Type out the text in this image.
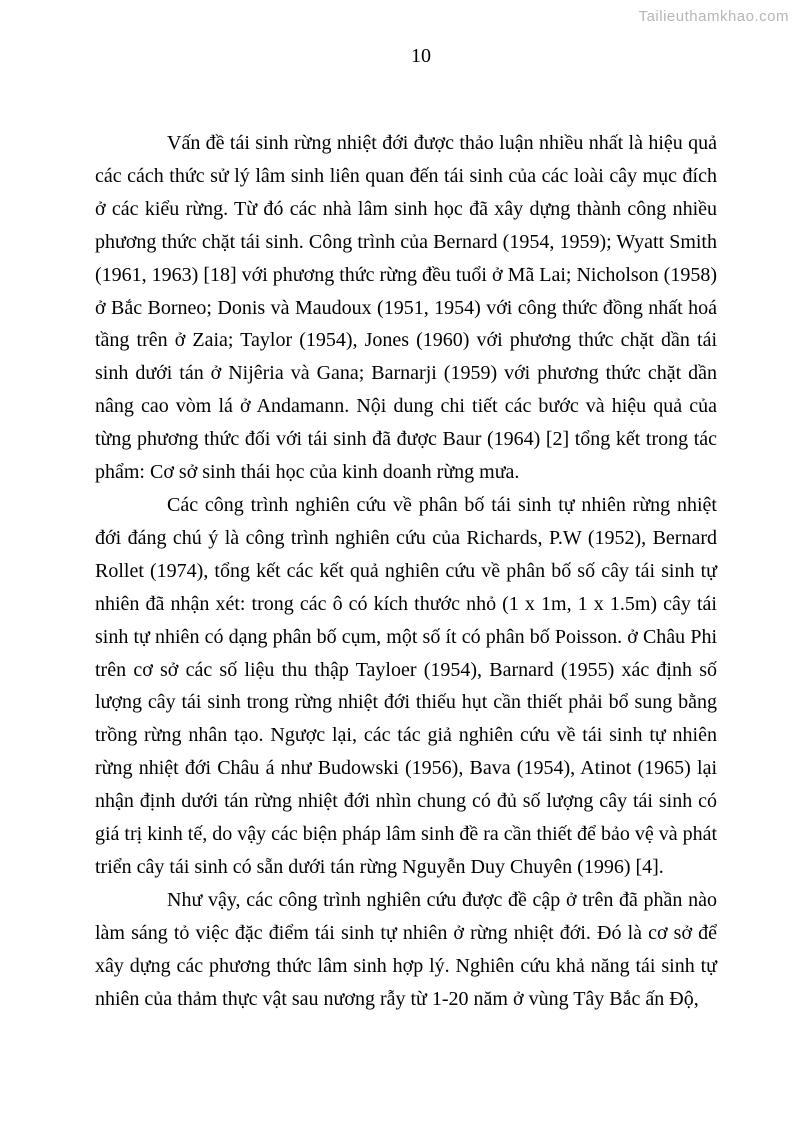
Tailieuthamkhao.com
10

Vấn đề tái sinh rừng nhiệt đới được thảo luận nhiều nhất là hiệu quả các cách thức sử lý lâm sinh liên quan đến tái sinh của các loài cây mục đích ở các kiểu rừng. Từ đó các nhà lâm sinh học đã xây dựng thành công nhiều phương thức chặt tái sinh. Công trình của Bernard (1954, 1959); Wyatt Smith (1961, 1963) [18] với phương thức rừng đều tuổi ở Mã Lai; Nicholson (1958) ở Bắc Borneo; Donis và Maudoux (1951, 1954) với công thức đồng nhất hoá tầng trên ở Zaia; Taylor (1954), Jones (1960) với phương thức chặt dần tái sinh dưới tán ở Nijêria và Gana; Barnarji (1959) với phương thức chặt dần nâng cao vòm lá ở Andamann. Nội dung chi tiết các bước và hiệu quả của từng phương thức đối với tái sinh đã được Baur (1964) [2] tổng kết trong tác phẩm: Cơ sở sinh thái học của kinh doanh rừng mưa.

Các công trình nghiên cứu về phân bố tái sinh tự nhiên rừng nhiệt đới đáng chú ý là công trình nghiên cứu của Richards, P.W (1952), Bernard Rollet (1974), tổng kết các kết quả nghiên cứu về phân bố số cây tái sinh tự nhiên đã nhận xét: trong các ô có kích thước nhỏ (1 x 1m, 1 x 1.5m) cây tái sinh tự nhiên có dạng phân bố cụm, một số ít có phân bố Poisson. ở Châu Phi trên cơ sở các số liệu thu thập Tayloer (1954), Barnard (1955) xác định số lượng cây tái sinh trong rừng nhiệt đới thiếu hụt cần thiết phải bổ sung bằng trồng rừng nhân tạo. Ngược lại, các tác giả nghiên cứu về tái sinh tự nhiên rừng nhiệt đới Châu á như Budowski (1956), Bava (1954), Atinot (1965) lại nhận định dưới tán rừng nhiệt đới nhìn chung có đủ số lượng cây tái sinh có giá trị kinh tế, do vậy các biện pháp lâm sinh đề ra cần thiết để bảo vệ và phát triển cây tái sinh có sẵn dưới tán rừng Nguyễn Duy Chuyên (1996) [4].

Như vậy, các công trình nghiên cứu được đề cập ở trên đã phần nào làm sáng tỏ việc đặc điểm tái sinh tự nhiên ở rừng nhiệt đới. Đó là cơ sở để xây dựng các phương thức lâm sinh hợp lý. Nghiên cứu khả năng tái sinh tự nhiên của thảm thực vật sau nương rẫy từ 1-20 năm ở vùng Tây Bắc ấn Độ,
